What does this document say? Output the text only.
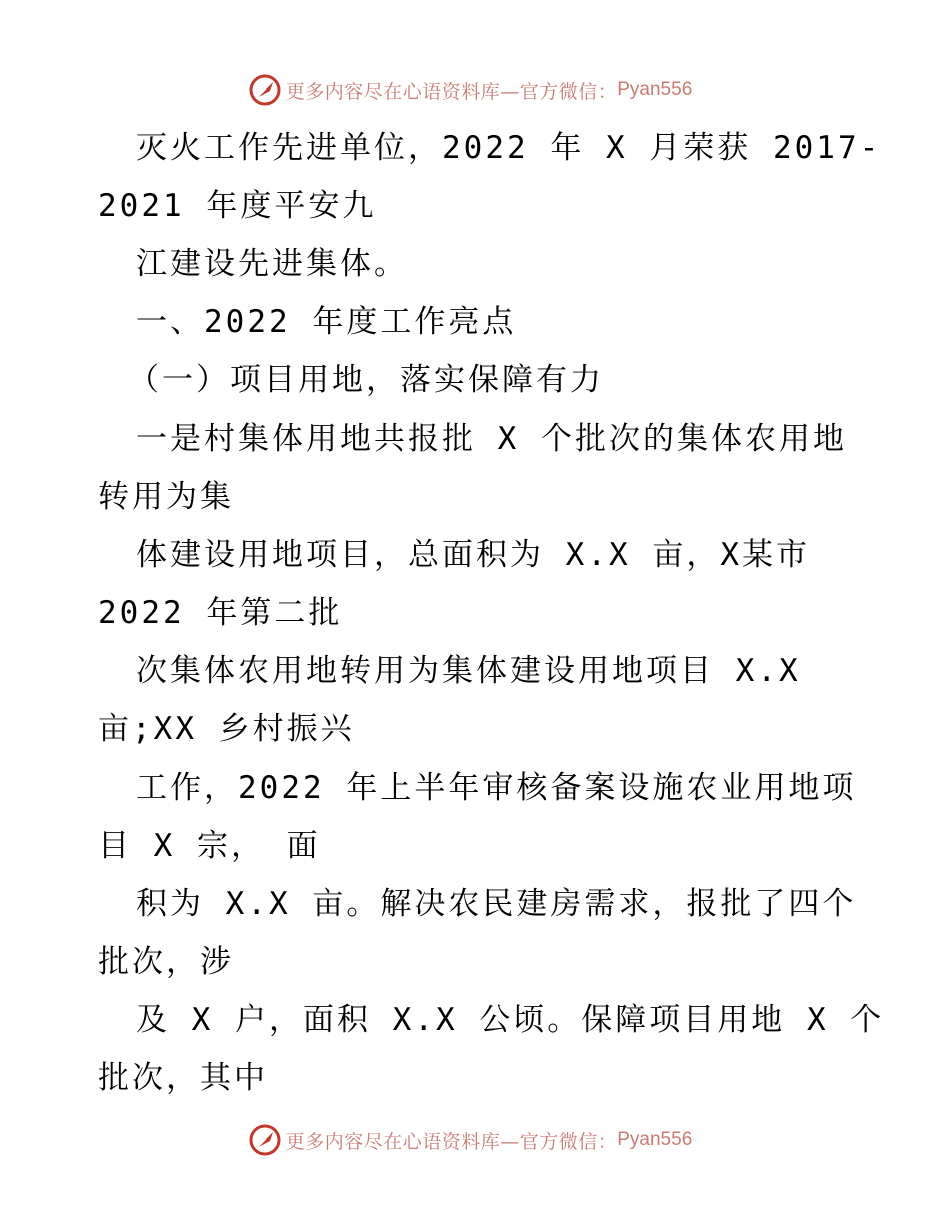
更多内容尽在心语资料库—官方微信： Pyan556
灭火工作先进单位，2022 年 X 月荣获 2017-
2021 年度平安九
江建设先进集体。
一、2022 年度工作亮点
（一）项目用地，落实保障有力
一是村集体用地共报批 X 个批次的集体农用地
转用为集
体建设用地项目，总面积为 X.X 亩，X某市
2022 年第二批
次集体农用地转用为集体建设用地项目 X.X
亩;XX 乡村振兴
工作，2022 年上半年审核备案设施农业用地项
目 X 宗， 面
积为 X.X 亩。解决农民建房需求，报批了四个
批次，涉
及 X 户，面积 X.X 公顷。保障项目用地 X 个
批次，其中
更多内容尽在心语资料库—官方微信： Pyan556
